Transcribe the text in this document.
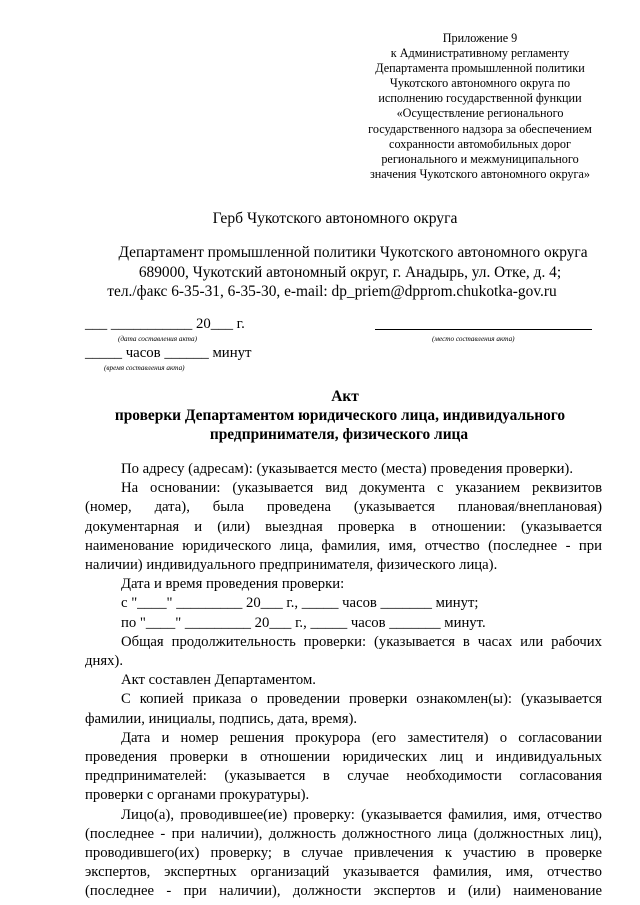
Приложение 9
к Административному регламенту
Департамента промышленной политики
Чукотского автономного округа по
исполнению государственной функции
«Осуществление регионального
государственного надзора за обеспечением
сохранности автомобильных дорог
регионального и межмуниципального
значения Чукотского автономного округа»
Герб Чукотского автономного округа
Департамент промышленной политики Чукотского автономного округа
689000, Чукотский автономный округ, г. Анадырь, ул. Отке, д. 4;
тел./факс 6-35-31, 6-35-30, e-mail: dp_priem@dpprom.chukotka-gov.ru
___ ___________ 20___ г.
(дата составления акта)	(место составления акта)
_____ часов ______ минут
(время составления акта)
Акт
проверки Департаментом юридического лица, индивидуального
предпринимателя, физического лица

По адресу (адресам): (указывается место (места) проведения проверки).

На основании: (указывается вид документа с указанием реквизитов

(номер, дата), была проведена (указывается плановая/внеплановая)

документарная и (или) выездная проверка в отношении: (указывается

наименование юридического лица, фамилия, имя, отчество (последнее - при

наличии) индивидуального предпринимателя, физического лица).

Дата и время проведения проверки:

с "____" _________ 20___ г., _____ часов _______ минут;

по "____" _________ 20___ г., _____ часов _______ минут.

Общая продолжительность проверки: (указывается в часах или рабочих

днях).

Акт составлен Департаментом.

С копией приказа о проведении проверки ознакомлен(ы): (указывается

фамилии, инициалы, подпись, дата, время).

Дата и номер решения прокурора (его заместителя) о согласовании

проведения проверки в отношении юридических лиц и индивидуальных

предпринимателей: (указывается в случае необходимости согласования

проверки с органами прокуратуры).

Лицо(а), проводившее(ие) проверку: (указывается фамилия, имя, отчество

(последнее - при наличии), должность должностного лица (должностных лиц),

проводившего(их) проверку; в случае привлечения к участию в проверке

экспертов, экспертных организаций указывается фамилия, имя, отчество

(последнее - при наличии), должности экспертов и (или) наименование
